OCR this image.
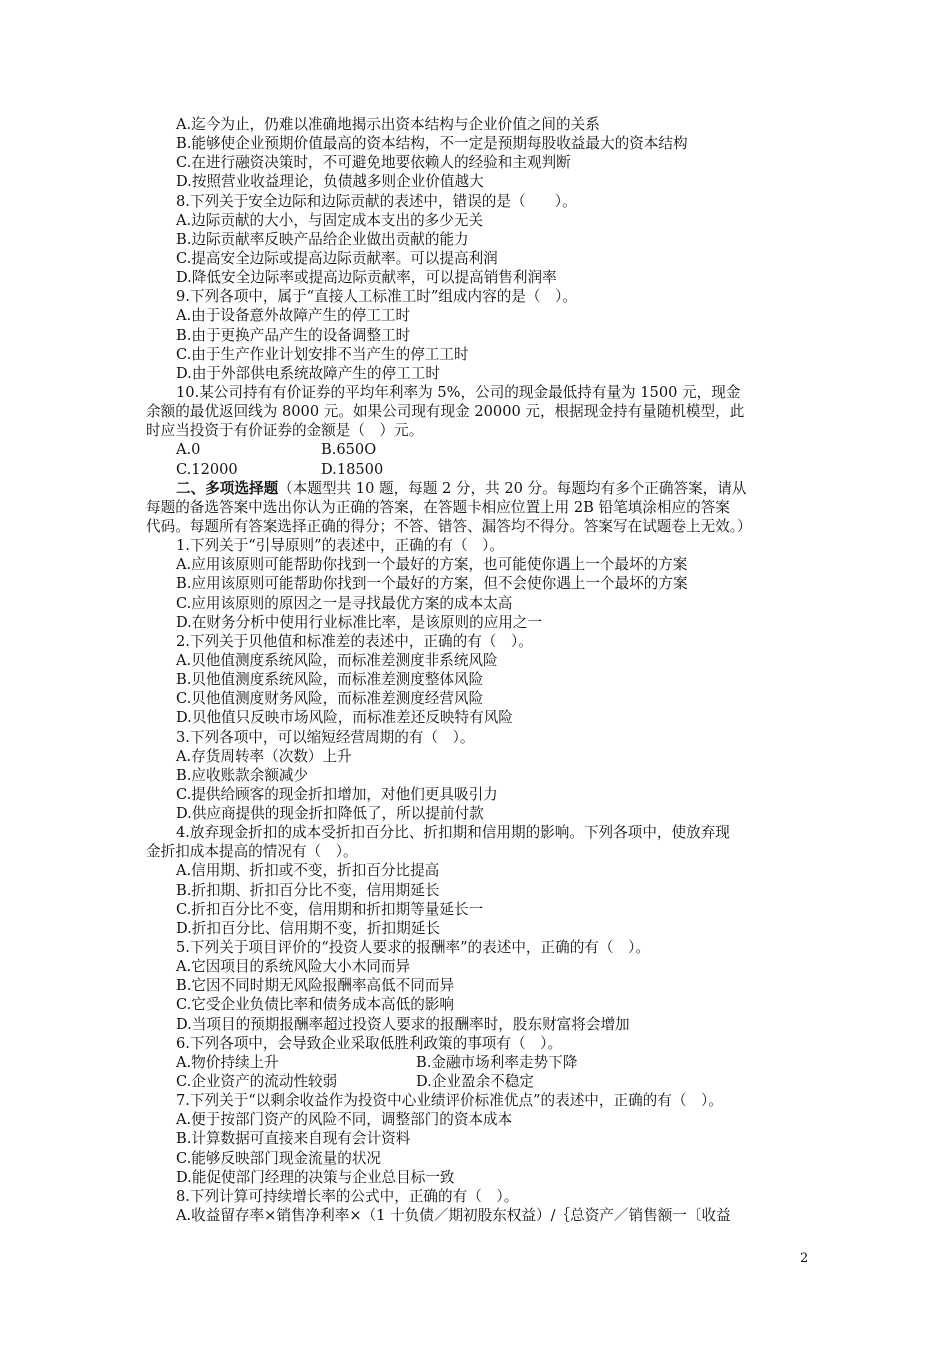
A.迄今为止，仍难以准确地揭示出资本结构与企业价值之间的关系
B.能够使企业预期价值最高的资本结构，不一定是预期每股收益最大的资本结构
C.在进行融资决策时，不可避免地要依赖人的经验和主观判断
D.按照营业收益理论，负债越多则企业价值越大
8.下列关于安全边际和边际贡献的表述中，错误的是（　　）。
A.边际贡献的大小，与固定成本支出的多少无关
B.边际贡献率反映产品给企业做出贡献的能力
C.提高安全边际或提高边际贡献率。可以提高利润
D.降低安全边际率或提高边际贡献率，可以提高销售利润率
9.下列各项中，属于“直接人工标准工时”组成内容的是（　）。
A.由于设备意外故障产生的停工工时
B.由于更换产品产生的设备调整工时
C.由于生产作业计划安排不当产生的停工工时
D.由于外部供电系统故障产生的停工工时
10.某公司持有有价证券的平均年利率为 5%，公司的现金最低持有量为 1500 元，现金
余额的最优返回线为 8000 元。如果公司现有现金 20000 元，根据现金持有量随机模型，此
时应当投资于有价证券的金额是（　）元。
A.0	B.650O
C.12000	D.18500
二、多项选择题（本题型共 10 题，每题 2 分，共 20 分。每题均有多个正确答案，请从
每题的备选答案中选出你认为正确的答案，在答题卡相应位置上用 2B 铅笔填涂相应的答案
代码。每题所有答案选择正确的得分；不答、错答、漏答均不得分。答案写在试题卷上无效。）
1.下列关于“引导原则”的表述中，正确的有（　）。
A.应用该原则可能帮助你找到一个最好的方案，也可能使你遇上一个最坏的方案
B.应用该原则可能帮助你找到一个最好的方案，但不会使你遇上一个最坏的方案
C.应用该原则的原因之一是寻找最优方案的成本太高
D.在财务分析中使用行业标准比率，是该原则的应用之一
2.下列关于贝他值和标准差的表述中，正确的有（　）。
A.贝他值测度系统风险，而标准差测度非系统风险
B.贝他值测度系统风险，而标准差测度整体风险
C.贝他值测度财务风险，而标准差测度经营风险
D.贝他值只反映市场风险，而标准差还反映特有风险
3.下列各项中，可以缩短经营周期的有（　）。
A.存货周转率（次数）上升
B.应收账款余额减少
C.提供给顾客的现金折扣增加，对他们更具吸引力
D.供应商提供的现金折扣降低了，所以提前付款
4.放弃现金折扣的成本受折扣百分比、折扣期和信用期的影响。下列各项中，使放弃现
金折扣成本提高的情况有（　）。
A.信用期、折扣或不变，折扣百分比提高
B.折扣期、折扣百分比不变，信用期延长
C.折扣百分比不变，信用期和折扣期等量延长一
D.折扣百分比、信用期不变，折扣期延长
5.下列关于项目评价的“投资人要求的报酬率”的表述中，正确的有（　）。
A.它因项目的系统风险大小木同而异
B.它因不同时期无风险报酬率高低不同而异
C.它受企业负债比率和债务成本高低的影响
D.当项目的预期报酬率超过投资人要求的报酬率时，股东财富将会增加
6.下列各项中，会导致企业采取低胜利政策的事项有（　）。
A.物价持续上升	B.金融市场利率走势下降
C.企业资产的流动性较弱	D.企业盈余不稳定
7.下列关于“以剩余收益作为投资中心业绩评价标准优点”的表述中，正确的有（　）。
A.便于按部门资产的风险不同，调整部门的资本成本
B.计算数据可直接来自现有会计资料
C.能够反映部门现金流量的状况
D.能促使部门经理的决策与企业总目标一致
8.下列计算可持续增长率的公式中，正确的有（　）。
A.收益留存率×销售净利率×（1 十负债／期初股东权益）/｛总资产／销售额一〔收益
2
